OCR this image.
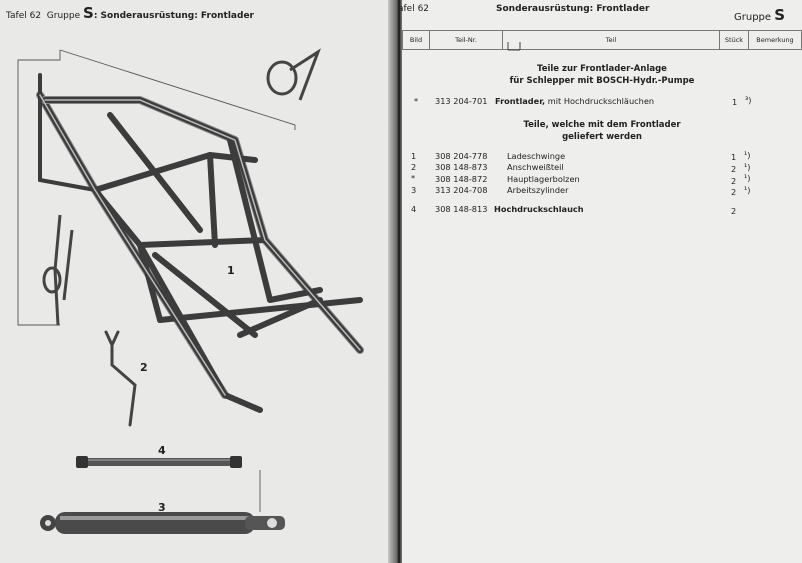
Tafel 62 Gruppe S: Sonderausrüstung: Frontlader
1
2
4
3
afel 62	Sonderausrüstung: Frontlader
Gruppe S
Bild	Teil-Nr.	Teil	Stück	Bemerkung
Teile zur Frontlader-Anlage
für Schlepper mit BOSCH-Hydr.-Pumpe
* 313 204-701 Frontlader, mit Hochdruckschläuchen	1 ³)
Teile, welche mit dem Frontlader
geliefert werden
1 308 204-778 Ladeschwinge	1 ¹)
2 308 148-873 Anschweißteil	2 ¹)
* 308 148-872 Hauptlagerbolzen	2 ¹)
3 313 204-708 Arbeitszylinder	2 ¹)
4 308 148-813 Hochdruckschlauch	2
